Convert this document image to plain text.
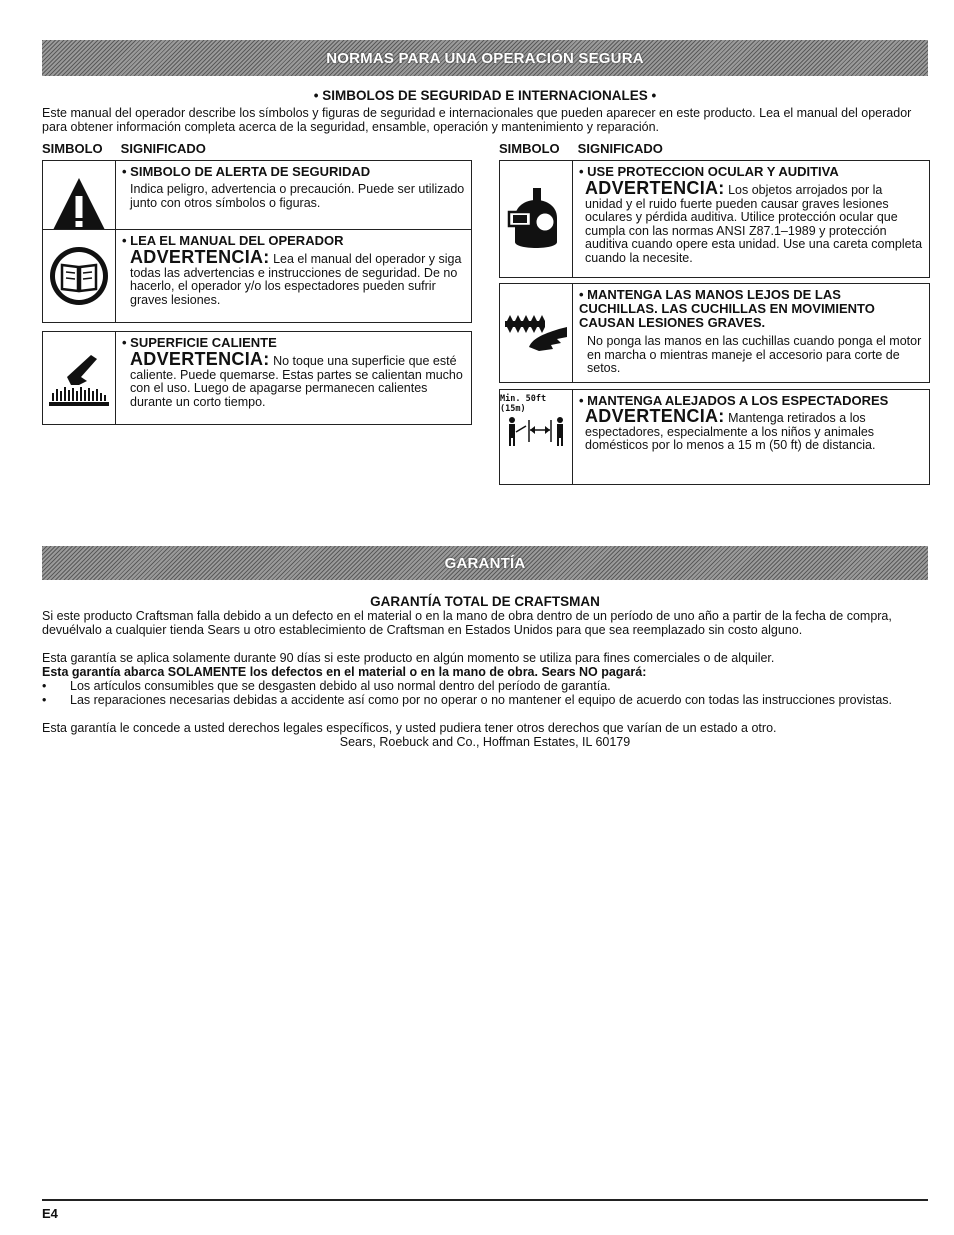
NORMAS PARA UNA OPERACIÓN SEGURA
• SIMBOLOS DE SEGURIDAD E INTERNACIONALES •

Este manual del operador describe los símbolos y figuras de seguridad e internacionales que pueden aparecer en este producto. Lea el manual del operador para obtener información completa acerca de la seguridad, ensamble, operación y mantenimiento y reparación.

SIMBOLO SIGNIFICADO	SIMBOLO SIGNIFICADO
• SIMBOLO DE ALERTA DE SEGURIDAD
Indica peligro, advertencia o precaución. Puede ser utilizado junto con otros símbolos o figuras.
• LEA EL MANUAL DEL OPERADOR
ADVERTENCIA: Lea el manual del operador y siga todas las advertencias e instrucciones de seguridad. De no hacerlo, el operador y/o los espectadores pueden sufrir graves lesiones.
• SUPERFICIE CALIENTE
ADVERTENCIA: No toque una superficie que esté caliente. Puede quemarse. Estas partes se calientan mucho con el uso. Luego de apagarse permanecen calientes durante un corto tiempo.
• USE PROTECCION OCULAR Y AUDITIVA
ADVERTENCIA: Los objetos arrojados por la unidad y el ruido fuerte pueden causar graves lesiones oculares y pérdida auditiva. Utilice protección ocular que cumpla con las normas ANSI Z87.1–1989 y protección auditiva cuando opere esta unidad. Use una careta completa cuando la necesite.
• MANTENGA LAS MANOS LEJOS DE LAS CUCHILLAS. LAS CUCHILLAS EN MOVIMIENTO CAUSAN LESIONES GRAVES.
No ponga las manos en las cuchillas cuando ponga el motor en marcha o mientras maneje el accesorio para corte de setos.
Min. 50ft (15m)
• MANTENGA ALEJADOS A LOS ESPECTADORES
ADVERTENCIA: Mantenga retirados a los espectadores, especialmente a los niños y animales domésticos por lo menos a 15 m (50 ft) de distancia.
GARANTÍA
GARANTÍA TOTAL DE CRAFTSMAN

Si este producto Craftsman falla debido a un defecto en el material o en la mano de obra dentro de un período de uno año a partir de la fecha de compra, devuélvalo a cualquier tienda Sears u otro establecimiento de Craftsman en Estados Unidos para que sea reemplazado sin costo alguno.

Esta garantía se aplica solamente durante 90 días si este producto en algún momento se utiliza para fines comerciales o de alquiler.

Esta garantía abarca SOLAMENTE los defectos en el material o en la mano de obra. Sears NO pagará:

• Los artículos consumibles que se desgasten debido al uso normal dentro del período de garantía.
•	Las reparaciones necesarias debidas a accidente así como por no operar o no mantener el equipo de acuerdo con todas las instrucciones provistas.

Esta garantía le concede a usted derechos legales específicos, y usted pudiera tener otros derechos que varían de un estado a otro.

Sears, Roebuck and Co., Hoffman Estates, IL 60179

E4
